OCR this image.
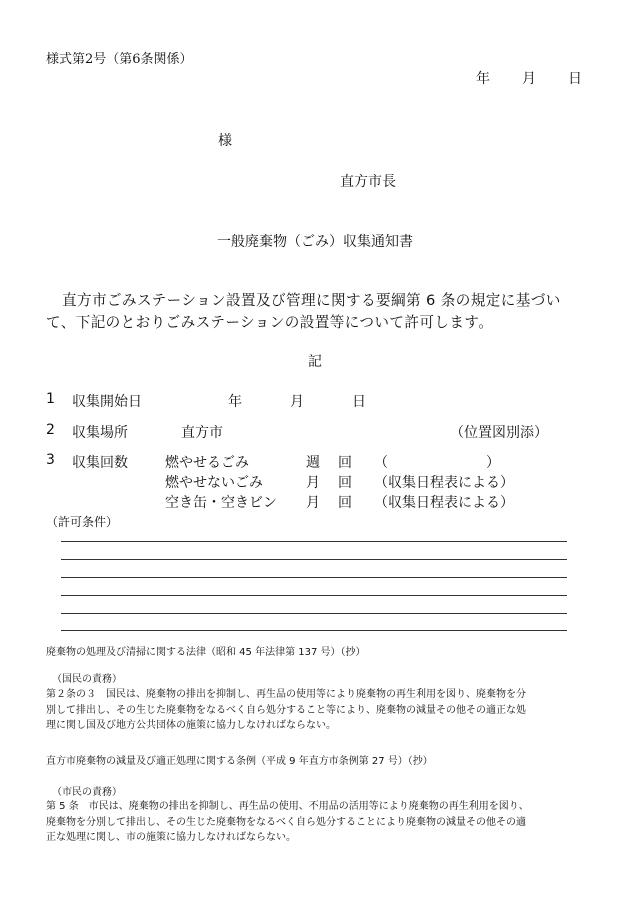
様式第2号（第6条関係）
年 月 日
様
直方市長
一般廃棄物（ごみ）収集通知書

直方市ごみステーション設置及び管理に関する要綱第 6 条の規定に基づい

て、下記のとおりごみステーションの設置等について許可します。

記
1 収集開始日	年	月	日
2 収集場所	直方市	（位置図別添）
3 収集回数	燃やせるごみ	週 回 （　　　　　　　）
燃やせないごみ	月 回 （収集日程表による）
空き缶・空きビン 月 回 （収集日程表による）
（許可条件）
廃棄物の処理及び清掃に関する法律（昭和 45 年法律第 137 号）（抄）
（国民の責務）

第２条の３　国民は、廃棄物の排出を抑制し、再生品の使用等により廃棄物の再生利用を図り、廃棄物を分

別して排出し、その生じた廃棄物をなるべく自ら処分すること等により、廃棄物の減量その他その適正な処

理に関し国及び地方公共団体の施策に協力しなければならない。

直方市廃棄物の減量及び適正処理に関する条例（平成 9 年直方市条例第 27 号）（抄）
（市民の責務）

第 5 条　市民は、廃棄物の排出を抑制し、再生品の使用、不用品の活用等により廃棄物の再生利用を図り、

廃棄物を分別して排出し、その生じた廃棄物をなるべく自ら処分することにより廃棄物の減量その他その適

正な処理に関し、市の施策に協力しなければならない。
